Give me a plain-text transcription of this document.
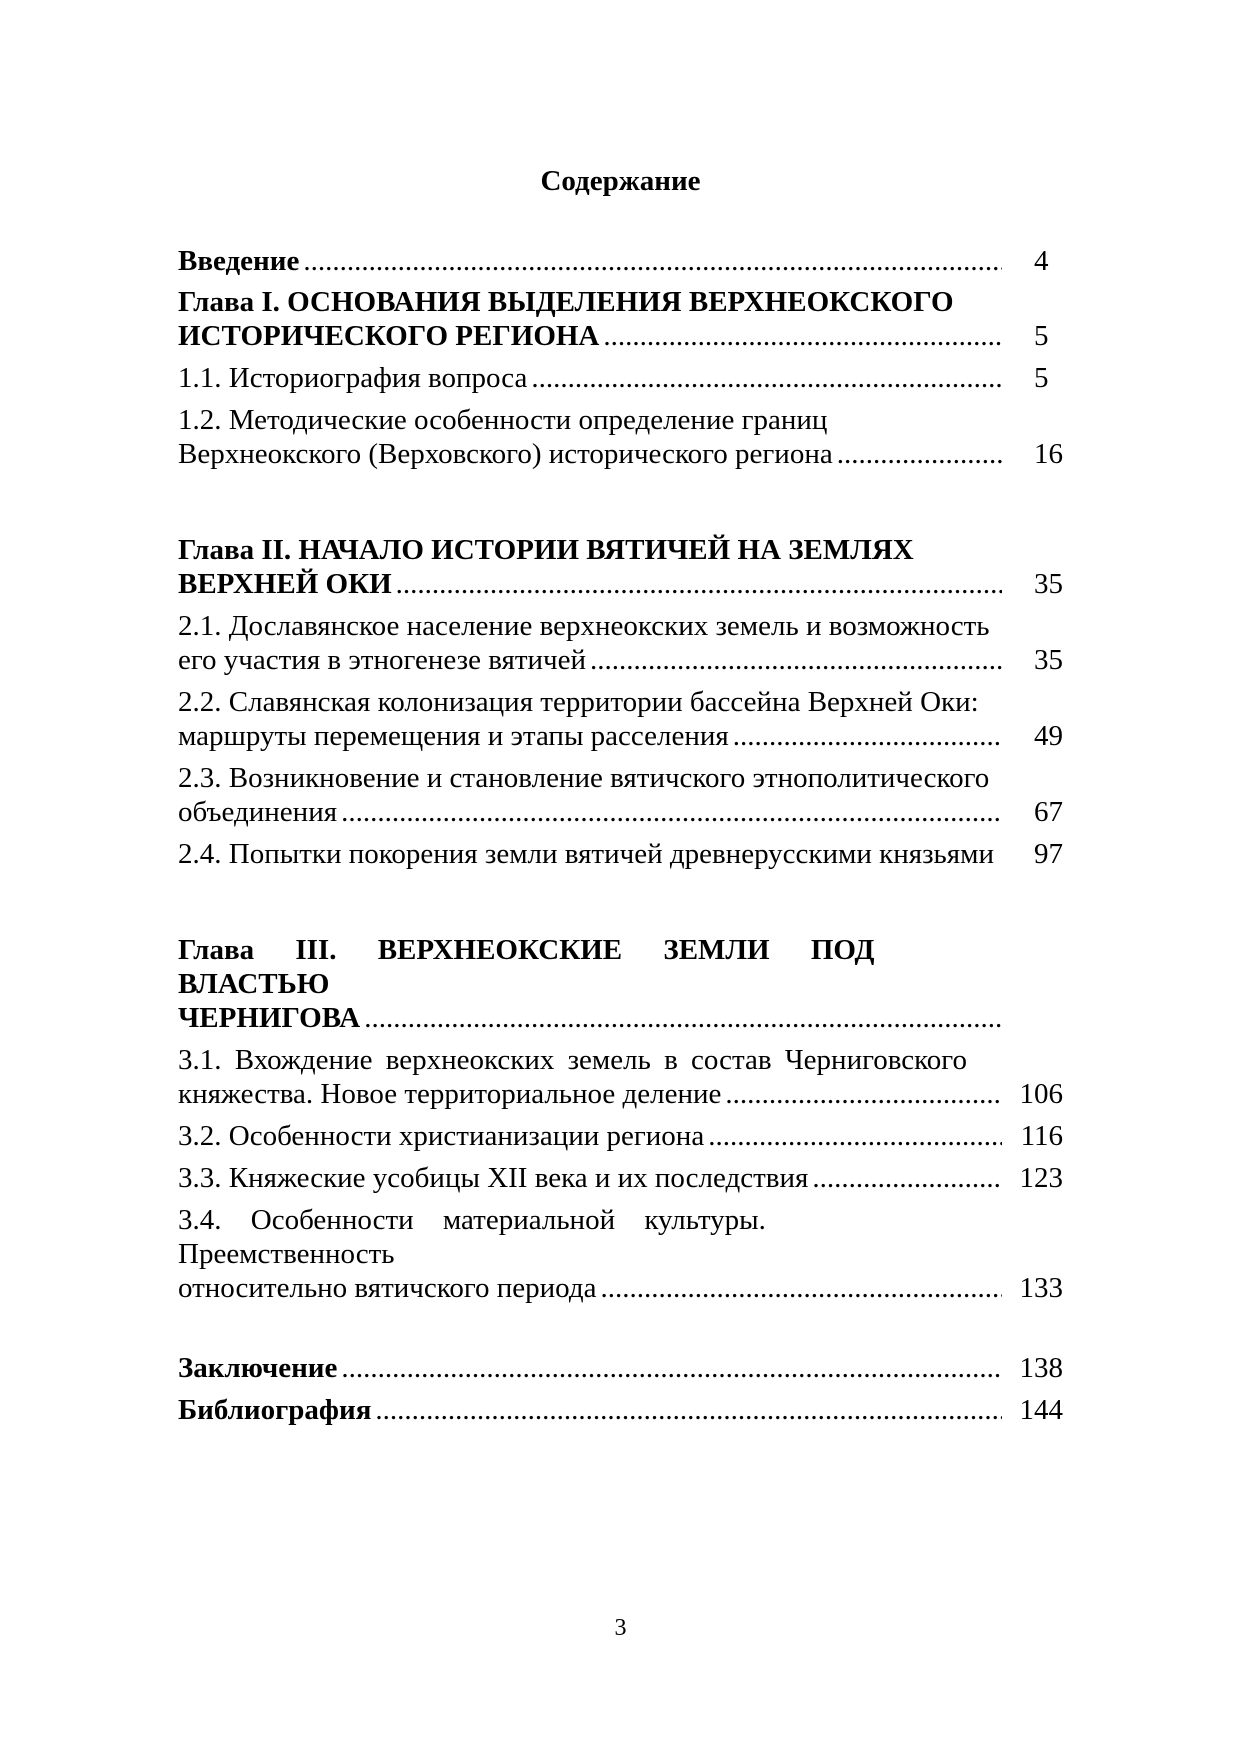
Содержание
Введение .....	4
Глава I. ОСНОВАНИЯ ВЫДЕЛЕНИЯ ВЕРХНЕОКСКОГО
ИСТОРИЧЕСКОГО РЕГИОНА .....	5
1.1. Историография вопроса .....	5
1.2. Методические особенности определение границ
Верхнеокского (Верховского) исторического региона .....	16
Глава II. НАЧАЛО ИСТОРИИ ВЯТИЧЕЙ НА ЗЕМЛЯХ
ВЕРХНЕЙ ОКИ .....	35
2.1. Дославянское население верхнеокских земель и возможность
его участия в этногенезе вятичей .....	35
2.2. Славянская колонизация территории бассейна Верхней Оки:
маршруты перемещения и этапы расселения .....	49
2.3. Возникновение и становление вятичского этнополитического
объединения .....	67
2.4. Попытки покорения земли вятичей древнерусскими князьями	97
Глава III. ВЕРХНЕОКСКИЕ ЗЕМЛИ ПОД ВЛАСТЬЮ
ЧЕРНИГОВА
.....
3.1. Вхождение верхнеокских земель в состав Черниговского
княжества. Новое территориальное деление .....	106
3.2. Особенности христианизации региона .....	116
3.3. Княжеские усобицы XII века и их последствия .....	123
3.4. Особенности материальной культуры. Преемственность
относительно вятичского периода .....	133
Заключение .....	138
Библиография .....	144
3
